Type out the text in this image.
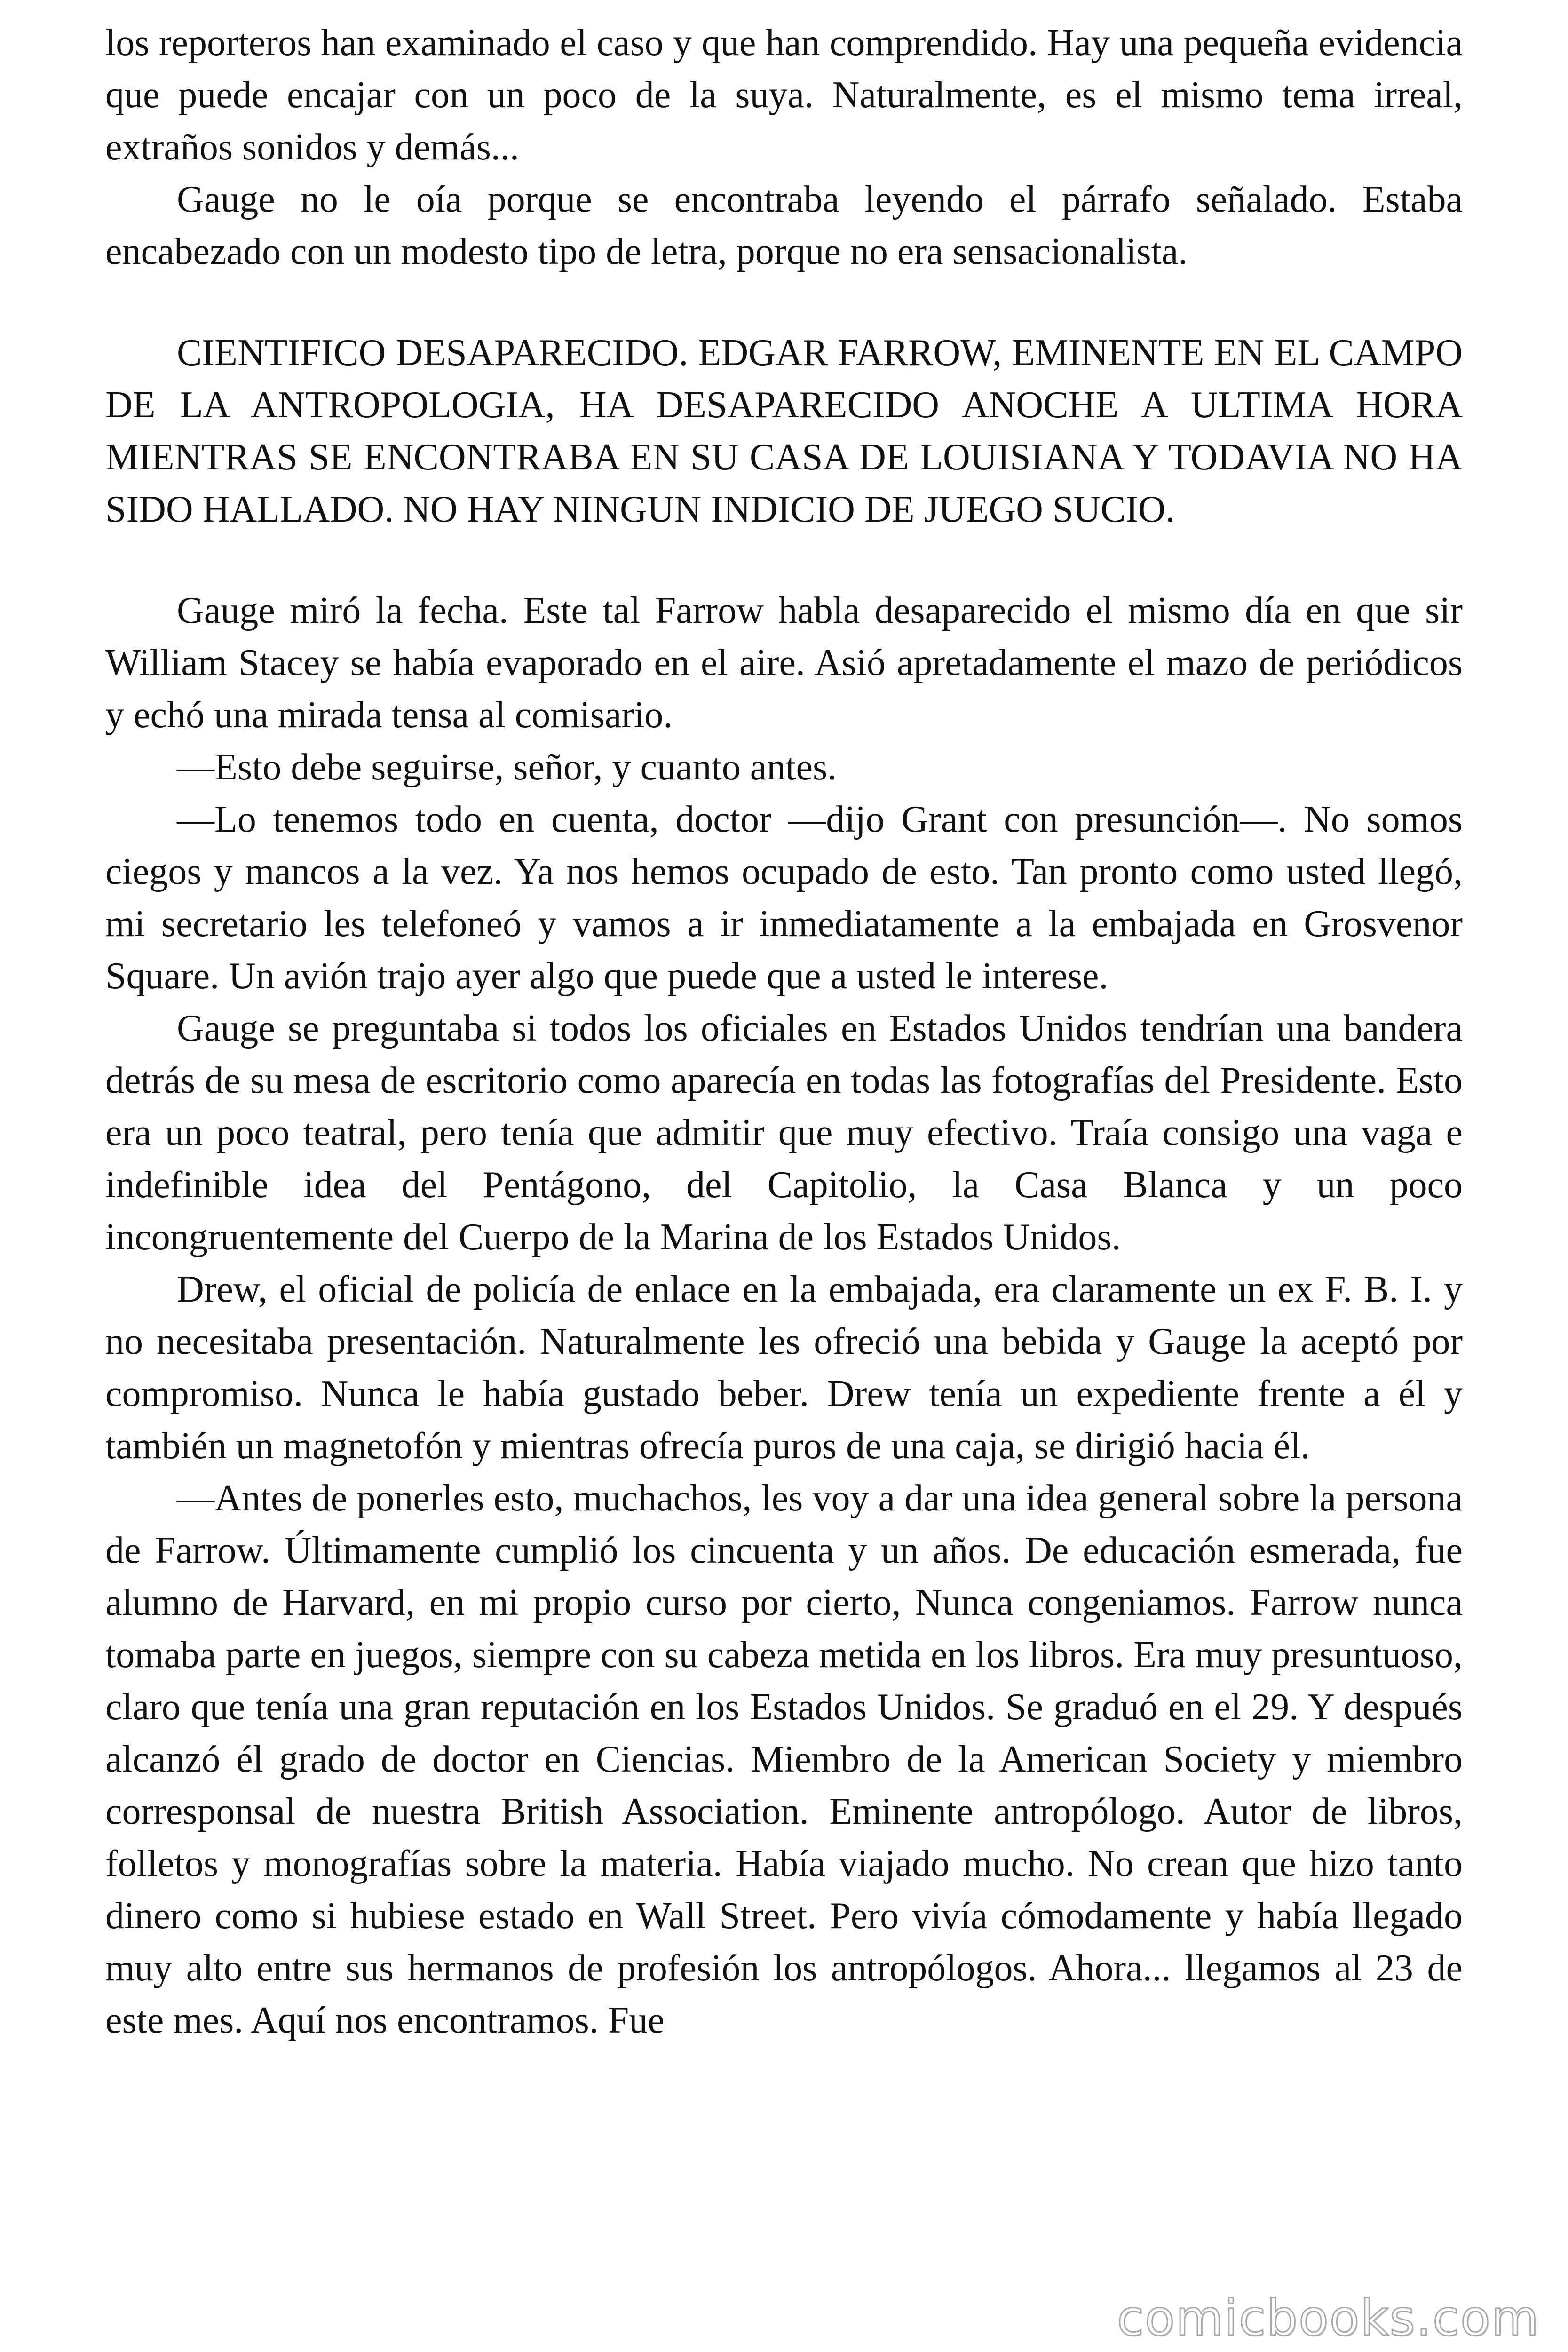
los reporteros han examinado el caso y que han comprendido. Hay una pequeña evidencia que puede encajar con un poco de la suya. Naturalmente, es el mismo tema irreal, extraños sonidos y demás...

Gauge no le oía porque se encontraba leyendo el párrafo señalado. Estaba encabezado con un modesto tipo de letra, porque no era sensacionalista.

CIENTIFICO DESAPARECIDO. EDGAR FARROW, EMINENTE EN EL CAMPO DE LA ANTROPOLOGIA, HA DESAPARECIDO ANOCHE A ULTIMA HORA MIENTRAS SE ENCONTRABA EN SU CASA DE LOUISIANA Y TODAVIA NO HA SIDO HALLADO. NO HAY NINGUN INDICIO DE JUEGO SUCIO.

Gauge miró la fecha. Este tal Farrow habla desaparecido el mismo día en que sir William Stacey se había evaporado en el aire. Asió apretadamente el mazo de periódicos y echó una mirada tensa al comisario.

—Esto debe seguirse, señor, y cuanto antes.

—Lo tenemos todo en cuenta, doctor —dijo Grant con presunción—. No somos ciegos y mancos a la vez. Ya nos hemos ocupado de esto. Tan pronto como usted llegó, mi secretario les telefoneó y vamos a ir inmediatamente a la embajada en Grosvenor Square. Un avión trajo ayer algo que puede que a usted le interese.

Gauge se preguntaba si todos los oficiales en Estados Unidos tendrían una bandera detrás de su mesa de escritorio como aparecía en todas las fotografías del Presidente. Esto era un poco teatral, pero tenía que admitir que muy efectivo. Traía consigo una vaga e indefinible idea del Pentágono, del Capitolio, la Casa Blanca y un poco incongruentemente del Cuerpo de la Marina de los Estados Unidos.

Drew, el oficial de policía de enlace en la embajada, era claramente un ex F. B. I. y no necesitaba presentación. Naturalmente les ofreció una bebida y Gauge la aceptó por compromiso. Nunca le había gustado beber. Drew tenía un expediente frente a él y también un magnetofón y mientras ofrecía puros de una caja, se dirigió hacia él.

—Antes de ponerles esto, muchachos, les voy a dar una idea general sobre la persona de Farrow. Últimamente cumplió los cincuenta y un años. De educación esmerada, fue alumno de Harvard, en mi propio curso por cierto, Nunca congeniamos. Farrow nunca tomaba parte en juegos, siempre con su cabeza metida en los libros. Era muy presuntuoso, claro que tenía una gran reputación en los Estados Unidos. Se graduó en el 29. Y después alcanzó él grado de doctor en Ciencias. Miembro de la American Society y miembro corresponsal de nuestra British Association. Eminente antropólogo. Autor de libros, folletos y monografías sobre la materia. Había viajado mucho. No crean que hizo tanto dinero como si hubiese estado en Wall Street. Pero vivía cómodamente y había llegado muy alto entre sus hermanos de profesión los antropólogos. Ahora... llegamos al 23 de este mes. Aquí nos encontramos. Fue

comicbooks.com
